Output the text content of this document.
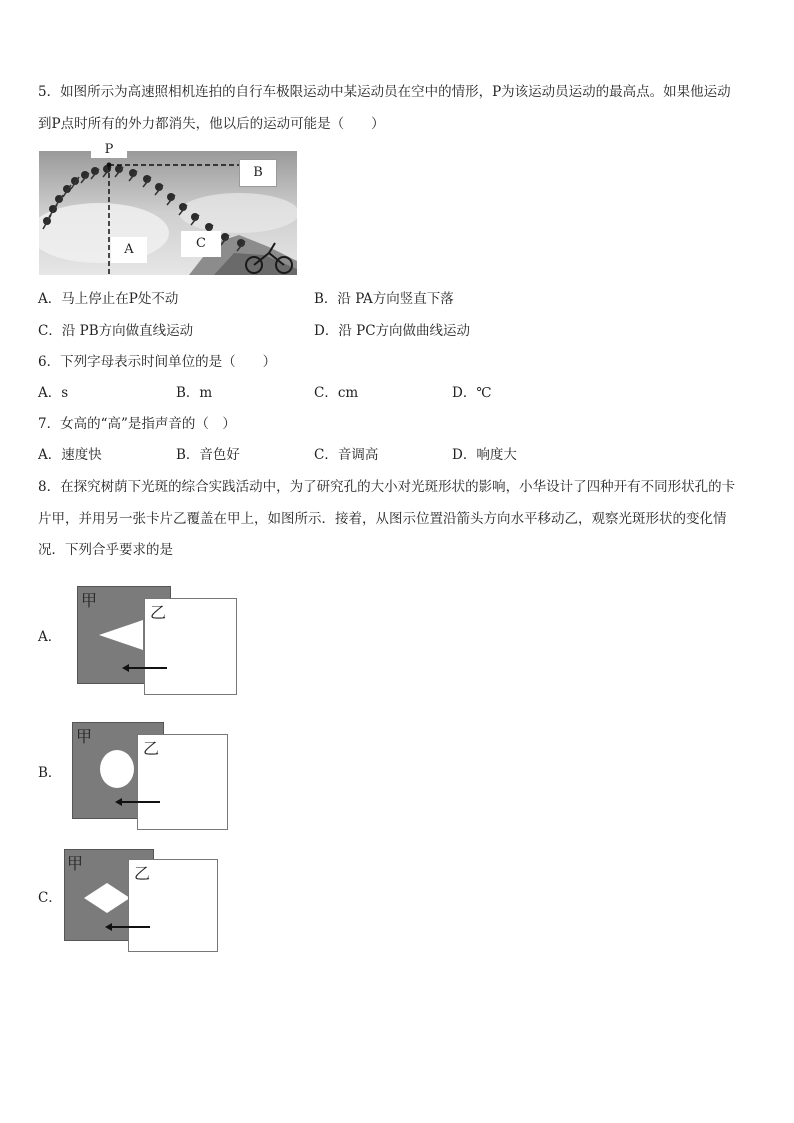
5．如图所示为高速照相机连拍的自行车极限运动中某运动员在空中的情形，P为该运动员运动的最高点。如果他运动
到P点时所有的外力都消失，他以后的运动可能是（　　）
P
B
A	C
A．马上停止在P处不动	B．沿 PA方向竖直下落
C．沿 PB方向做直线运动	D．沿 PC方向做曲线运动
6．下列字母表示时间单位的是（　　）
A．s	B．m	C．cm	D．℃
7．女高的“高”是指声音的（　）
A．速度快	B．音色好	C．音调高	D．响度大
8．在探究树荫下光斑的综合实践活动中，为了研究孔的大小对光斑形状的影响，小华设计了四种开有不同形状孔的卡
片甲，并用另一张卡片乙覆盖在甲上，如图所示．接着，从图示位置沿箭头方向水平移动乙，观察光斑形状的变化情
况．下列合乎要求的是
A．
甲
乙
B．
甲
乙
C．
甲
乙
